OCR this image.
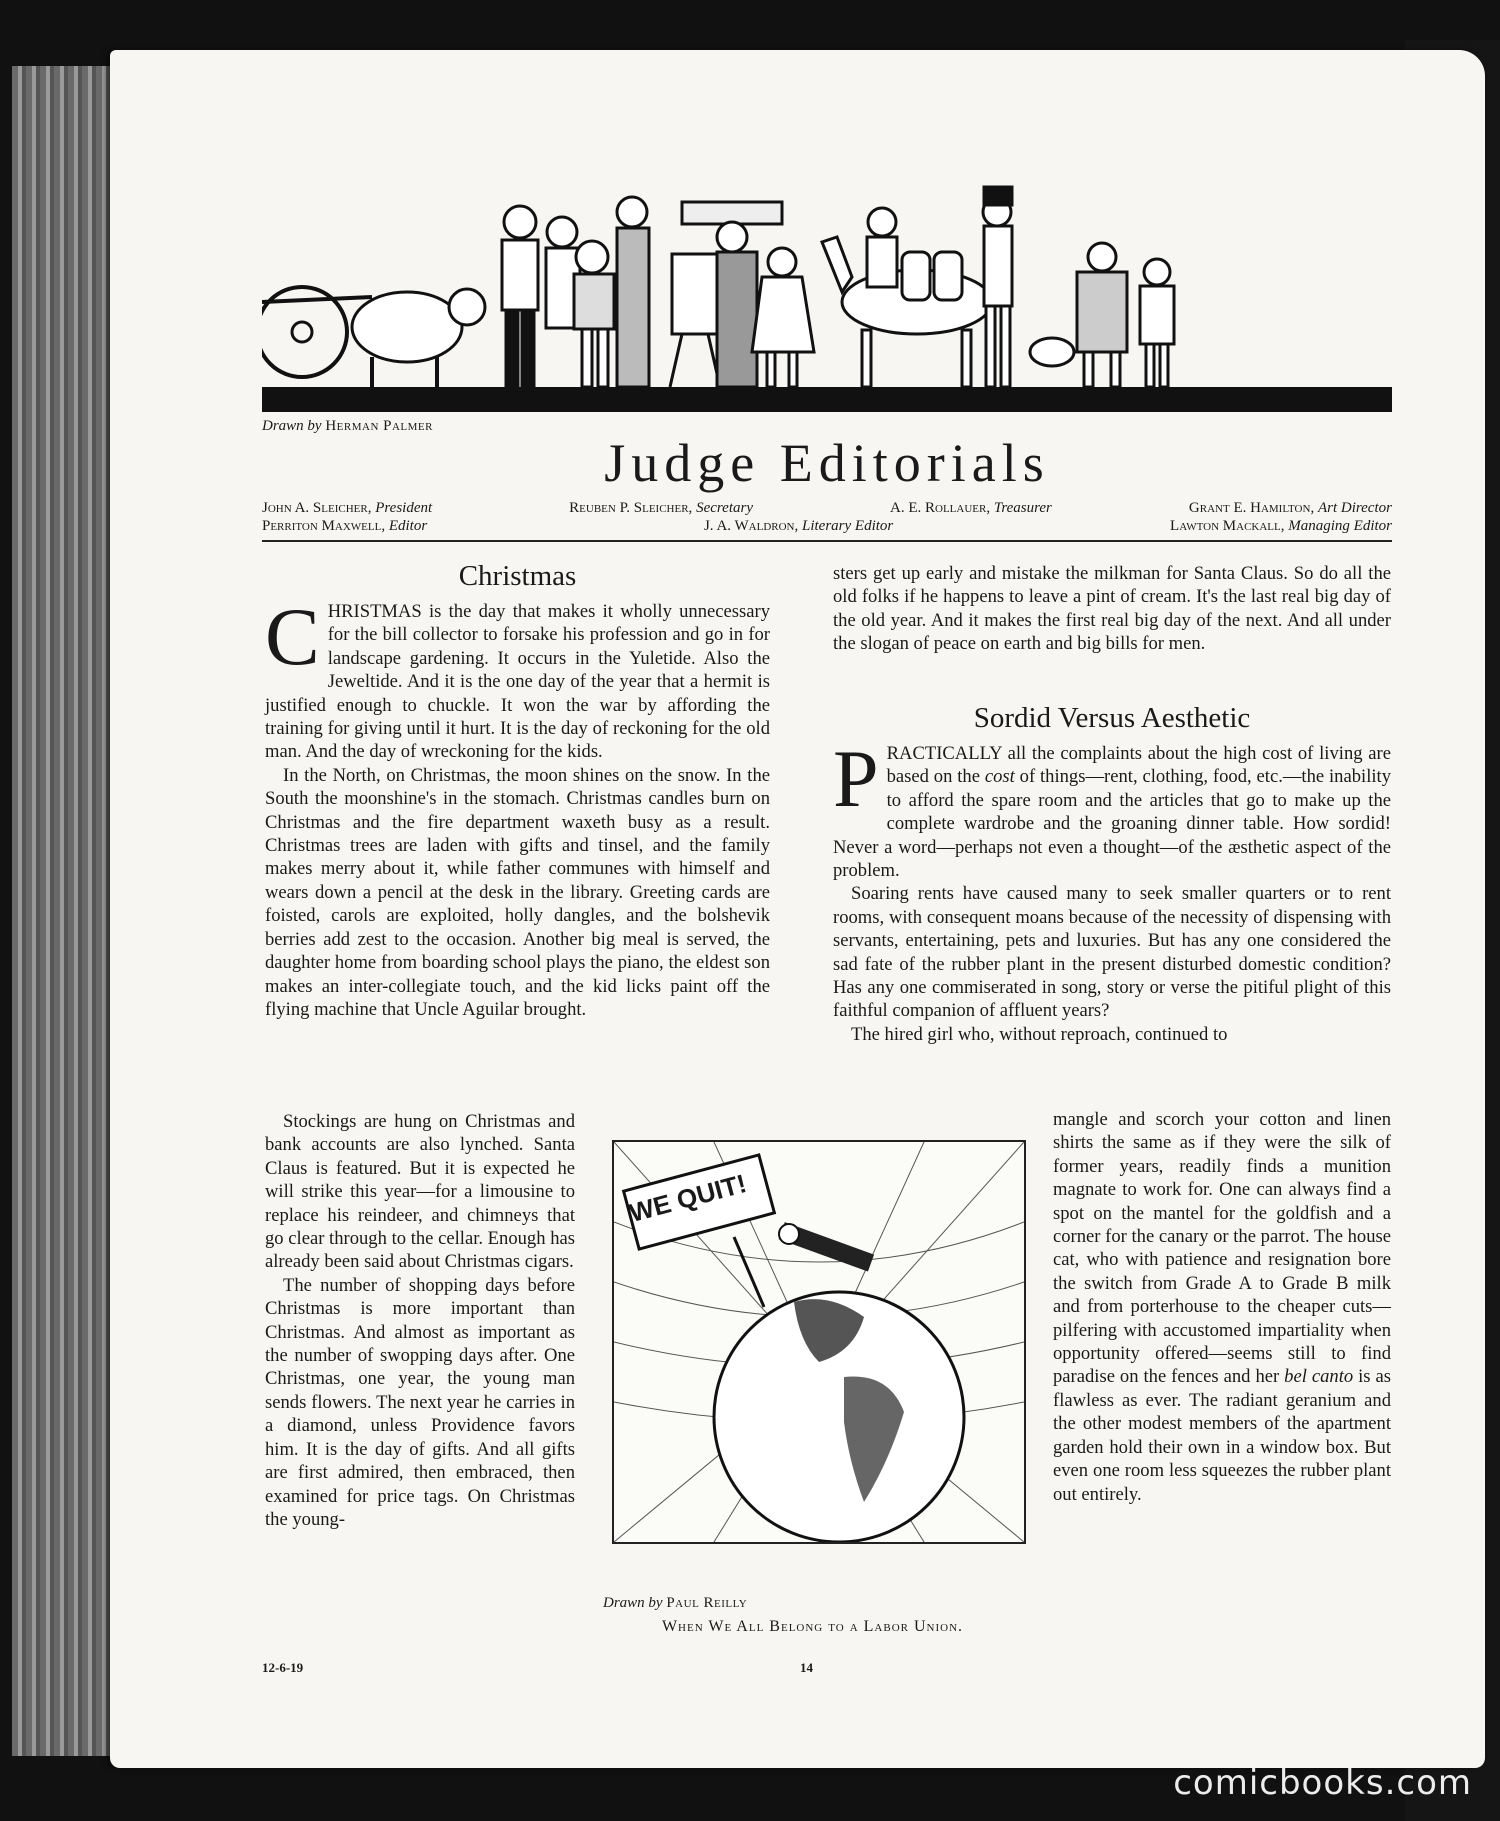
Drawn by Herman Palmer
Judge Editorials
John A. Sleicher, President	Reuben P. Sleicher, Secretary	A. E. Rollauer, Treasurer	Grant E. Hamilton, Art Director
Perriton Maxwell, Editor	J. A. Waldron, Literary Editor	Lawton Mackall, Managing Editor
Christmas

CHRISTMAS is the day that makes it wholly unnecessary for the bill collector to forsake his profession and go in for landscape gardening. It occurs in the Yuletide. Also the Jeweltide. And it is the one day of the year that a hermit is justified enough to chuckle. It won the war by affording the training for giving until it hurt. It is the day of reckoning for the old man. And the day of wreckoning for the kids.

In the North, on Christmas, the moon shines on the snow. In the South the moonshine's in the stomach. Christmas candles burn on Christmas and the fire department waxeth busy as a result. Christmas trees are laden with gifts and tinsel, and the family makes merry about it, while father communes with himself and wears down a pencil at the desk in the library. Greeting cards are foisted, carols are exploited, holly dangles, and the bolshevik berries add zest to the occasion. Another big meal is served, the daughter home from boarding school plays the piano, the eldest son makes an inter-collegiate touch, and the kid licks paint off the flying machine that Uncle Aguilar brought.

Stockings are hung on Christmas and bank accounts are also lynched. Santa Claus is featured. But it is expected he will strike this year—for a limousine to replace his reindeer, and chimneys that go clear through to the cellar. Enough has already been said about Christmas cigars.

The number of shopping days before Christmas is more important than Christmas. And almost as important as the number of swopping days after. One Christmas, one year, the young man sends flowers. The next year he carries in a diamond, unless Providence favors him. It is the day of gifts. And all gifts are first admired, then embraced, then examined for price tags. On Christmas the young-

sters get up early and mistake the milkman for Santa Claus. So do all the old folks if he happens to leave a pint of cream. It's the last real big day of the old year. And it makes the first real big day of the next. And all under the slogan of peace on earth and big bills for men.

Sordid Versus Aesthetic

PRACTICALLY all the complaints about the high cost of living are based on the cost of things—rent, clothing, food, etc.—the inability to afford the spare room and the articles that go to make up the complete wardrobe and the groaning dinner table. How sordid! Never a word—perhaps not even a thought—of the æsthetic aspect of the problem.

Soaring rents have caused many to seek smaller quarters or to rent rooms, with consequent moans because of the necessity of dispensing with servants, entertaining, pets and luxuries. But has any one considered the sad fate of the rubber plant in the present disturbed domestic condition? Has any one commiserated in song, story or verse the pitiful plight of this faithful companion of affluent years?

The hired girl who, without reproach, continued to

mangle and scorch your cotton and linen shirts the same as if they were the silk of former years, readily finds a munition magnate to work for. One can always find a spot on the mantel for the goldfish and a corner for the canary or the parrot. The house cat, who with patience and resignation bore the switch from Grade A to Grade B milk and from porterhouse to the cheaper cuts—pilfering with accustomed impartiality when opportunity offered—seems still to find paradise on the fences and her bel canto is as flawless as ever. The radiant geranium and the other modest members of the apartment garden hold their own in a window box. But even one room less squeezes the rubber plant out entirely.

WE QUIT!
Drawn by Paul Reilly
When We All Belong to a Labor Union.
12-6-19	14
comicbooks.com
